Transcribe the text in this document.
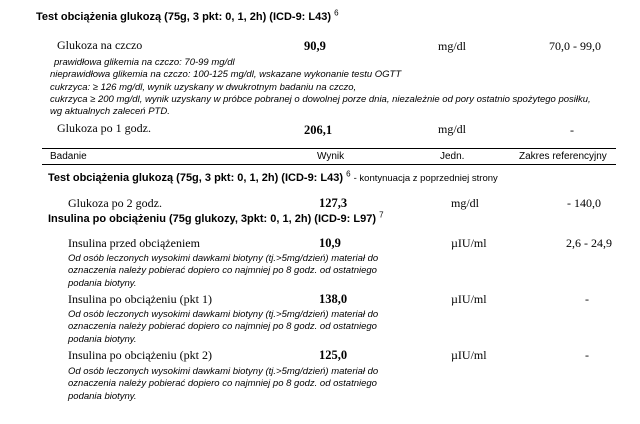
Test obciążenia glukozą (75g, 3 pkt: 0, 1, 2h) (ICD-9: L43) $^6$
Glukoza na czczo	90,9	mg/dl	70,0 - 99,0
prawidłowa glikemia na czczo: 70-99 mg/dl
nieprawidłowa glikemia na czczo: 100-125 mg/dl, wskazane wykonanie testu OGTT
cukrzyca: ≥ 126 mg/dl, wynik uzyskany w dwukrotnym badaniu na czczo,
cukrzyca ≥ 200 mg/dl, wynik uzyskany w próbce pobranej o dowolnej porze dnia, niezależnie od pory ostatnio spożytego posiłku,
wg aktualnych zaleceń PTD.
Glukoza po 1 godz.	206,1	mg/dl	-
Badanie	Wynik	Jedn.	Zakres referencyjny
Test obciążenia glukozą (75g, 3 pkt: 0, 1, 2h) (ICD-9: L43) $^6$ - kontynuacja z poprzedniej strony
Glukoza po 2 godz.	127,3	mg/dl	- 140,0
Insulina po obciążeniu (75g glukozy, 3pkt: 0, 1, 2h) (ICD-9: L97) $^7$
Insulina przed obciążeniem	10,9	µIU/ml	2,6 - 24,9
Od osób leczonych wysokimi dawkami biotyny (tj.>5mg/dzień) materiał do
oznaczenia należy pobierać dopiero co najmniej po 8 godz. od ostatniego
podania biotyny.
Insulina po obciążeniu (pkt 1)	138,0	µIU/ml	-
Od osób leczonych wysokimi dawkami biotyny (tj.>5mg/dzień) materiał do
oznaczenia należy pobierać dopiero co najmniej po 8 godz. od ostatniego
podania biotyny.
Insulina po obciążeniu (pkt 2)	125,0	µIU/ml	-
Od osób leczonych wysokimi dawkami biotyny (tj.>5mg/dzień) materiał do
oznaczenia należy pobierać dopiero co najmniej po 8 godz. od ostatniego
podania biotyny.
